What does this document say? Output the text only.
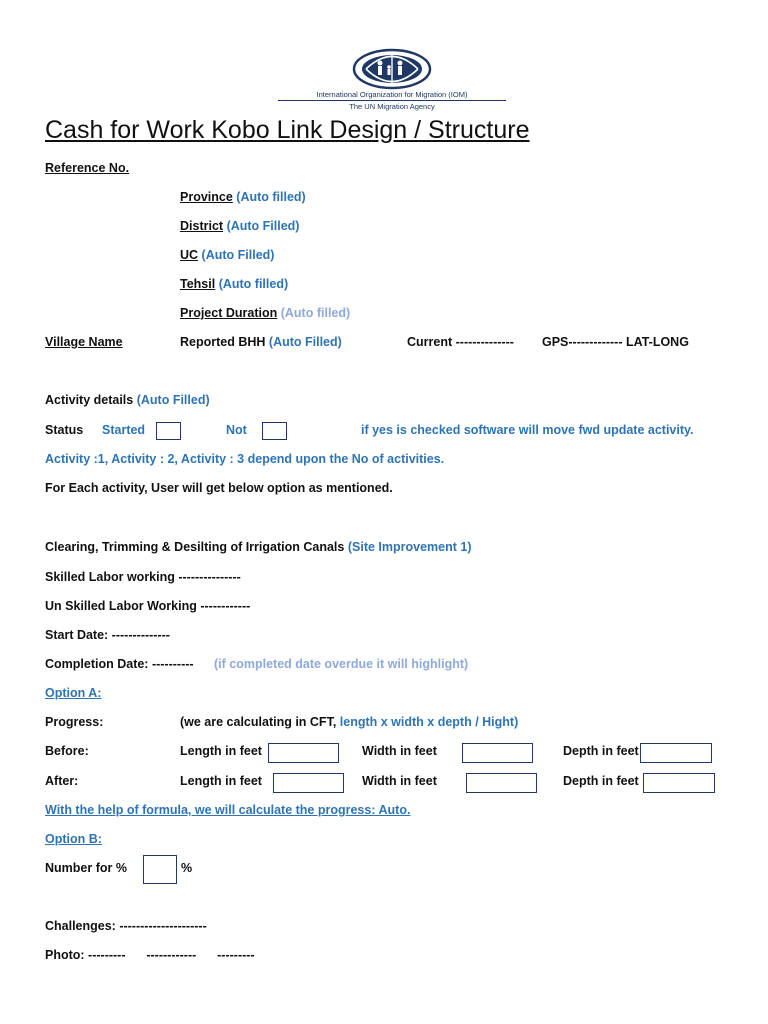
International Organization for Migration (IOM)
The UN Migration Agency
Cash for Work Kobo Link Design / Structure
Reference No.
Province (Auto filled)
District (Auto Filled)
UC (Auto Filled)
Tehsil (Auto filled)
Project Duration (Auto filled)
Village Name	Reported BHH (Auto Filled)	Current -------------- GPS------------- LAT-LONG
Activity details (Auto Filled)
Status Started	Not	if yes is checked software will move fwd update activity.
Activity :1, Activity : 2, Activity : 3 depend upon the No of activities.
For Each activity, User will get below option as mentioned.
Clearing, Trimming & Desilting of Irrigation Canals (Site Improvement 1)
Skilled Labor working ---------------
Un Skilled Labor Working ------------
Start Date: --------------
Completion Date: ---------- (if completed date overdue it will highlight)
Option A:
Progress:	(we are calculating in CFT, length x width x depth / Hight)
Before:	Length in feet	Width in feet	Depth in feet
After:	Length in feet	Width in feet	Depth in feet
With the help of formula, we will calculate the progress: Auto.
Option B:
Number for %	%
Challenges: ---------------------
Photo: ---------      ------------      ---------
